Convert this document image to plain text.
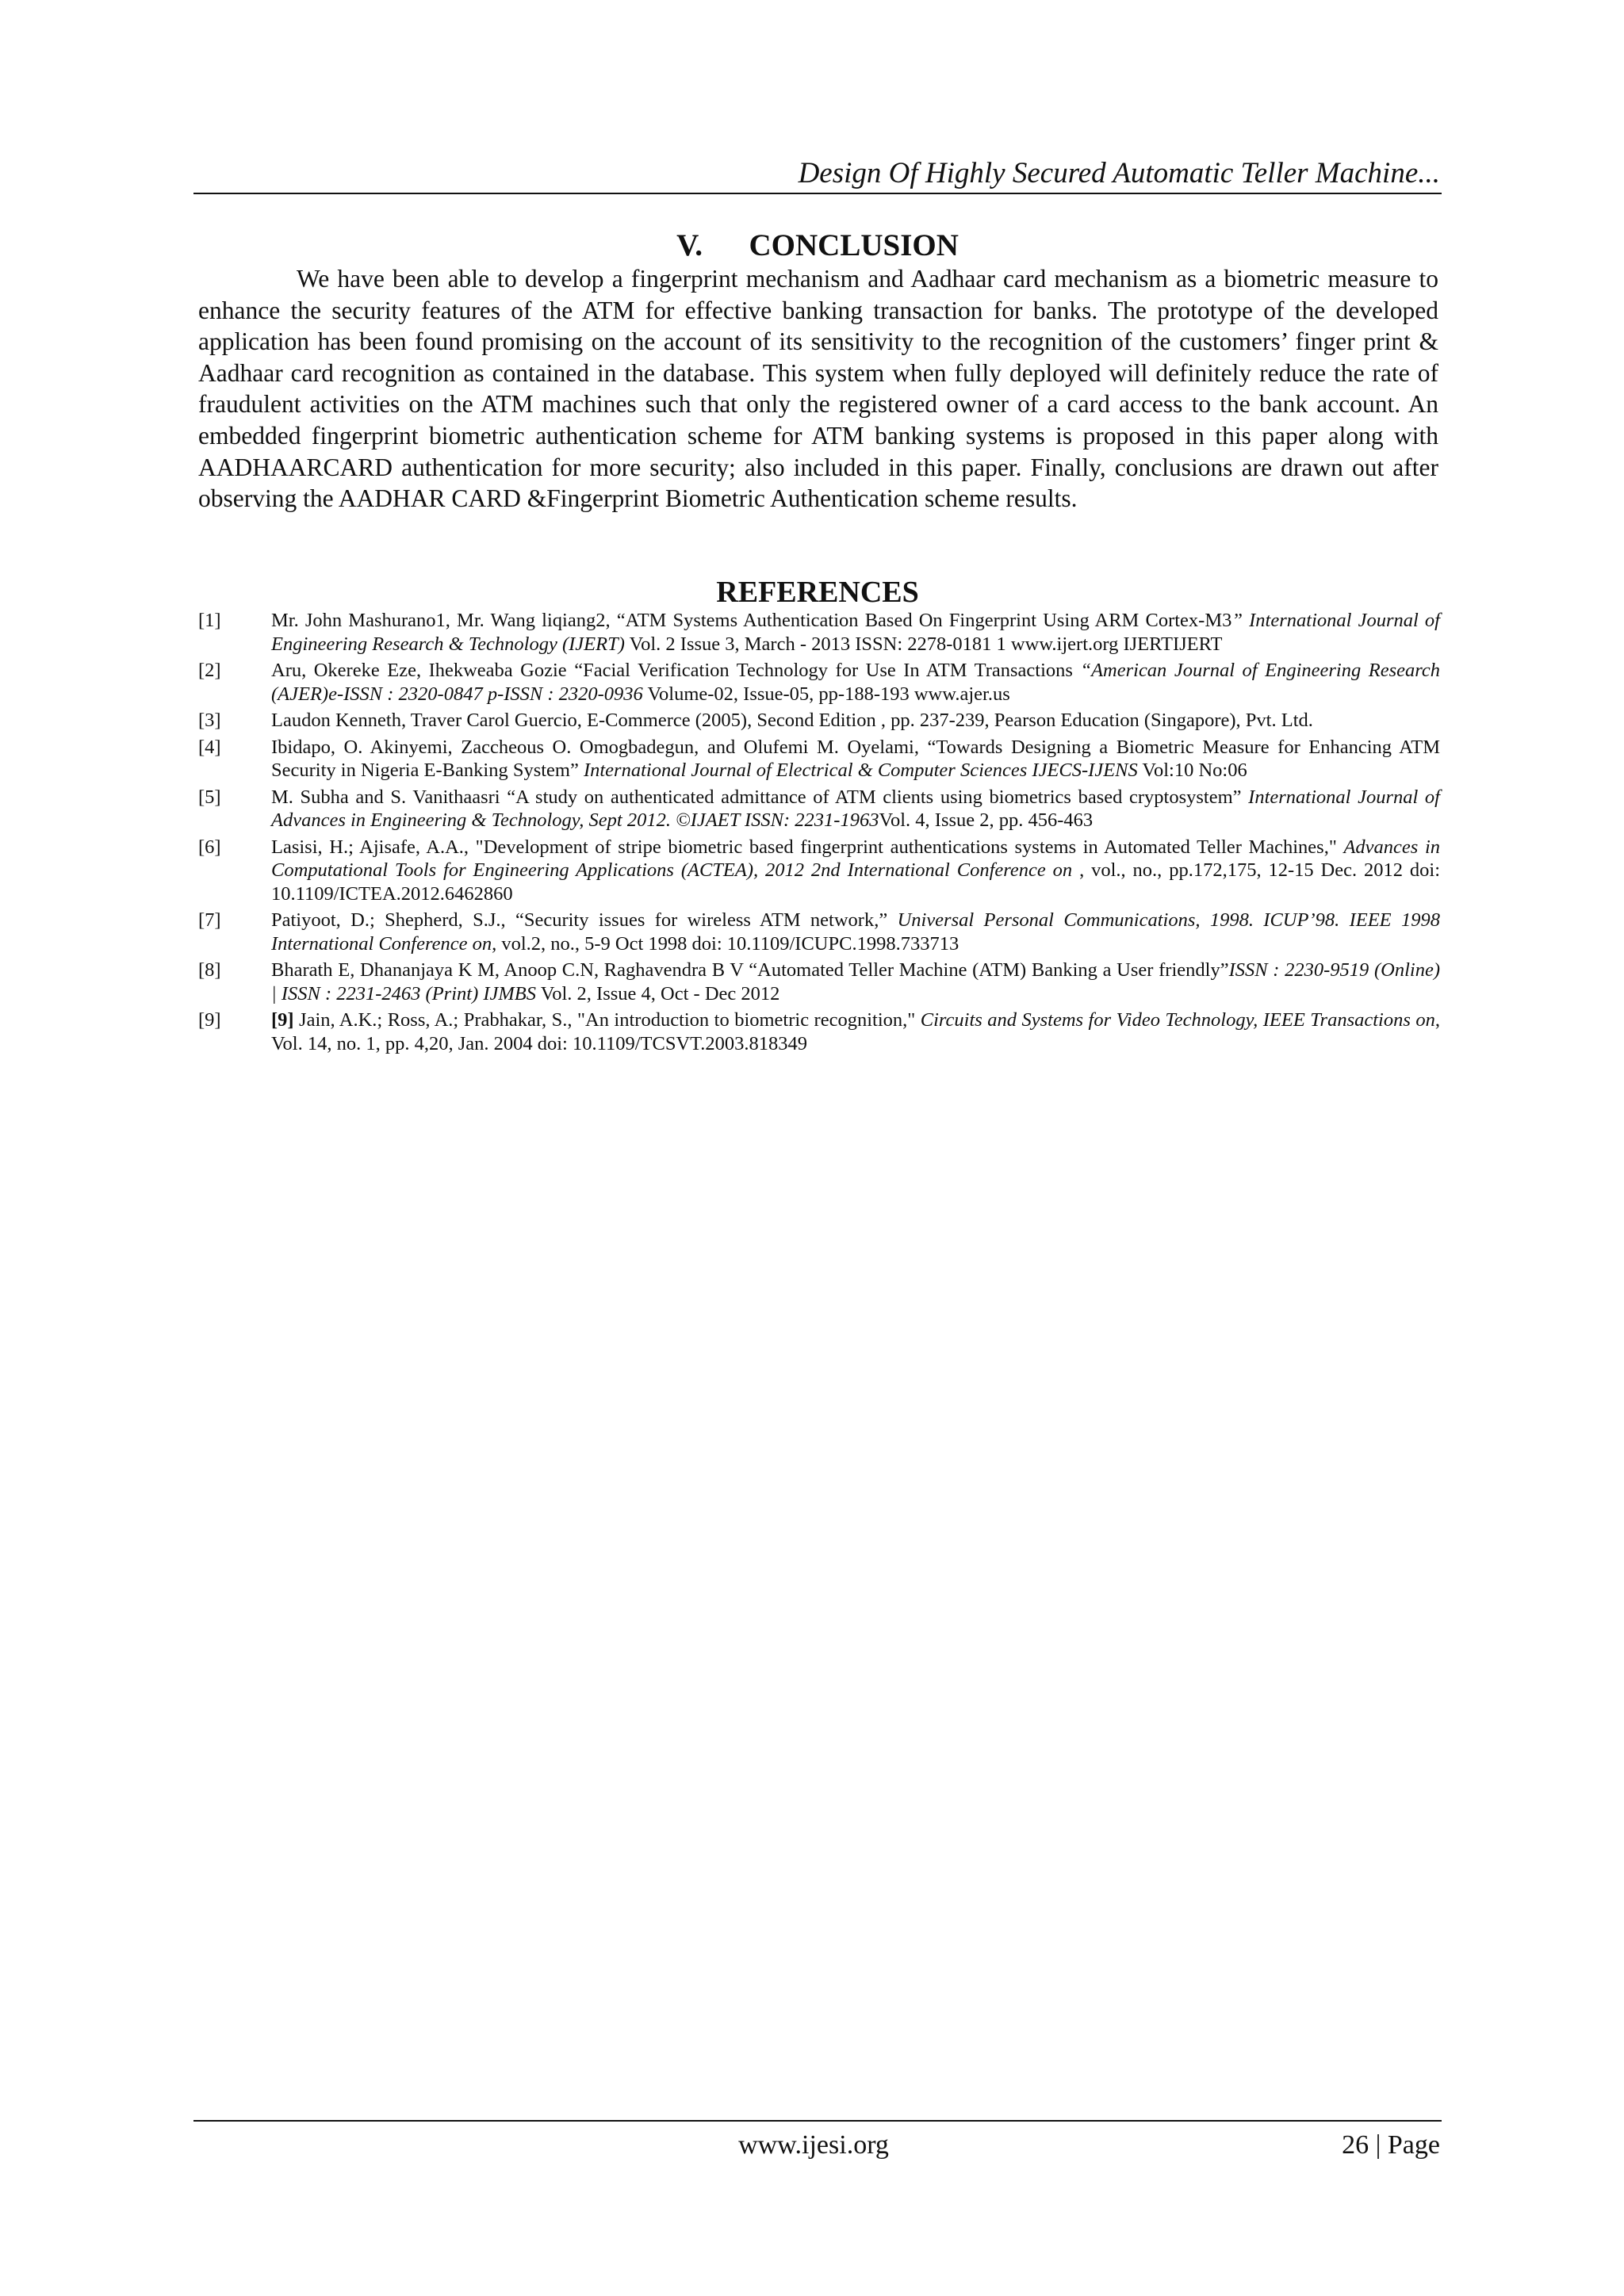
Design Of Highly Secured Automatic Teller Machine...
V. CONCLUSION

We have been able to develop a fingerprint mechanism and Aadhaar card mechanism as a biometric measure to enhance the security features of the ATM for effective banking transaction for banks. The prototype of the developed application has been found promising on the account of its sensitivity to the recognition of the customers’ finger print & Aadhaar card recognition as contained in the database. This system when fully deployed will definitely reduce the rate of fraudulent activities on the ATM machines such that only the registered owner of a card access to the bank account. An embedded fingerprint biometric authentication scheme for ATM banking systems is proposed in this paper along with AADHAARCARD authentication for more security; also included in this paper. Finally, conclusions are drawn out after observing the AADHAR CARD &Fingerprint Biometric Authentication scheme results.

REFERENCES
[1]	Mr. John Mashurano1, Mr. Wang liqiang2, “ATM Systems Authentication Based On Fingerprint Using ARM Cortex-M3” International Journal of Engineering Research & Technology (IJERT) Vol. 2 Issue 3, March - 2013 ISSN: 2278-0181 1 www.ijert.org IJERTIJERT
[2]	Aru, Okereke Eze, Ihekweaba Gozie “Facial Verification Technology for Use In ATM Transactions “American Journal of Engineering Research (AJER)e-ISSN : 2320-0847 p-ISSN : 2320-0936 Volume-02, Issue-05, pp-188-193 www.ajer.us
[3]	Laudon Kenneth, Traver Carol Guercio, E-Commerce (2005), Second Edition , pp. 237-239, Pearson Education (Singapore), Pvt. Ltd.
[4]	Ibidapo, O. Akinyemi, Zaccheous O. Omogbadegun, and Olufemi M. Oyelami, “Towards Designing a Biometric Measure for Enhancing ATM Security in Nigeria E-Banking System” International Journal of Electrical & Computer Sciences IJECS-IJENS Vol:10 No:06
[5]	M. Subha and S. Vanithaasri “A study on authenticated admittance of ATM clients using biometrics based cryptosystem” International Journal of Advances in Engineering & Technology, Sept 2012. ©IJAET ISSN: 2231-1963Vol. 4, Issue 2, pp. 456-463
[6]	Lasisi, H.; Ajisafe, A.A., "Development of stripe biometric based fingerprint authentications systems in Automated Teller Machines," Advances in Computational Tools for Engineering Applications (ACTEA), 2012 2nd International Conference on , vol., no., pp.172,175, 12-15 Dec. 2012 doi: 10.1109/ICTEA.2012.6462860
[7]	Patiyoot, D.; Shepherd, S.J., “Security issues for wireless ATM network,” Universal Personal Communications, 1998. ICUP’98. IEEE 1998 International Conference on, vol.2, no., 5-9 Oct 1998 doi: 10.1109/ICUPC.1998.733713
[8]	Bharath E, Dhananjaya K M, Anoop C.N, Raghavendra B V “Automated Teller Machine (ATM) Banking a User friendly”ISSN : 2230-9519 (Online) | ISSN : 2231-2463 (Print) IJMBS Vol. 2, Issue 4, Oct - Dec 2012
[9]	[9] Jain, A.K.; Ross, A.; Prabhakar, S., "An introduction to biometric recognition," Circuits and Systems for Video Technology, IEEE Transactions on, Vol. 14, no. 1, pp. 4,20, Jan. 2004 doi: 10.1109/TCSVT.2003.818349
www.ijesi.org	26 | Page
